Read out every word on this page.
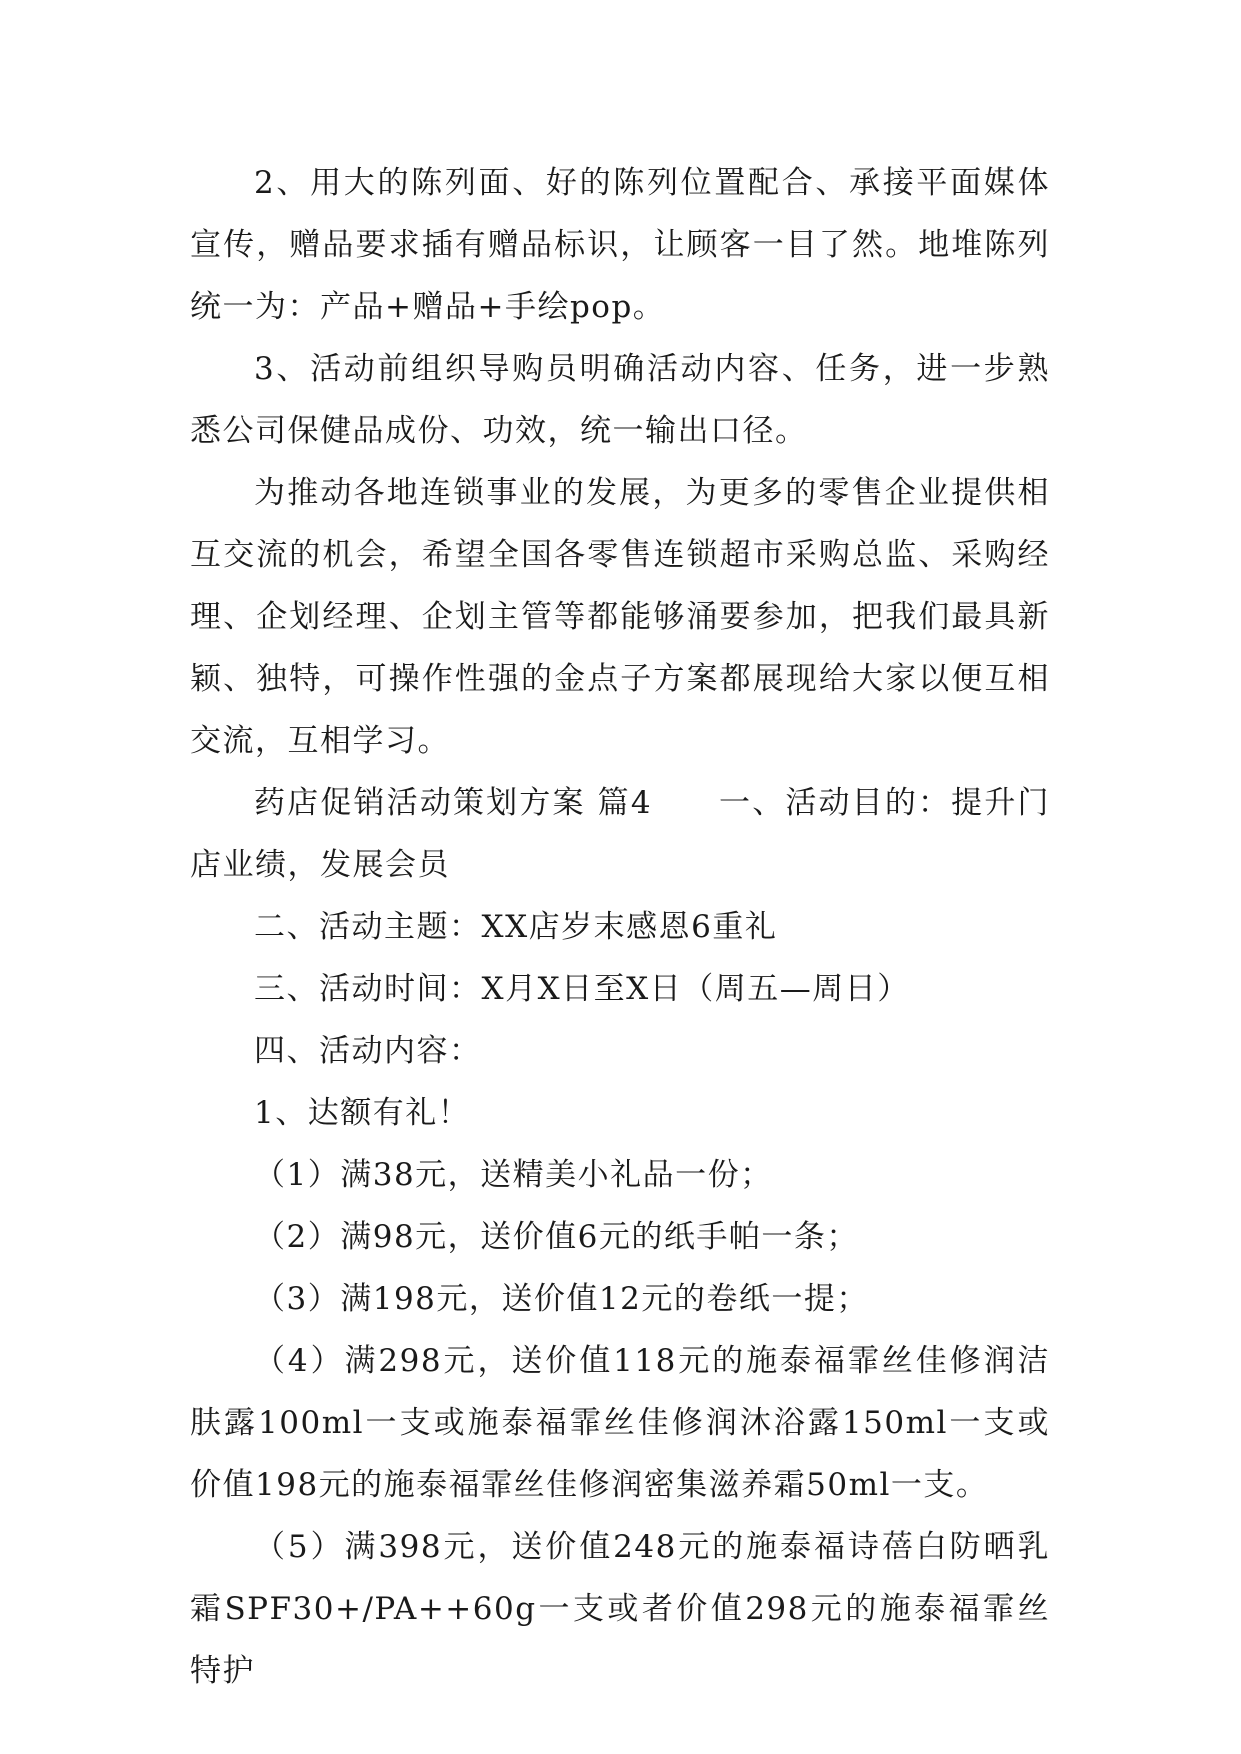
2、用大的陈列面、好的陈列位置配合、承接平面媒体宣传，赠品要求插有赠品标识，让顾客一目了然。地堆陈列统一为：产品+赠品+手绘pop。

3、活动前组织导购员明确活动内容、任务，进一步熟悉公司保健品成份、功效，统一输出口径。

为推动各地连锁事业的发展，为更多的零售企业提供相互交流的机会，希望全国各零售连锁超市采购总监、采购经理、企划经理、企划主管等都能够涌要参加，把我们最具新颖、独特，可操作性强的金点子方案都展现给大家以便互相交流，互相学习。

药店促销活动策划方案 篇4　　一、活动目的：提升门店业绩，发展会员

二、活动主题：XX店岁末感恩6重礼

三、活动时间：X月X日至X日（周五—周日）

四、活动内容：

1、达额有礼！

（1）满38元，送精美小礼品一份；

（2）满98元，送价值6元的纸手帕一条；

（3）满198元，送价值12元的卷纸一提；

（4）满298元，送价值118元的施泰福霏丝佳修润洁肤露100ml一支或施泰福霏丝佳修润沐浴露150ml一支或价值198元的施泰福霏丝佳修润密集滋养霜50ml一支。

（5）满398元，送价值248元的施泰福诗蓓白防晒乳霜SPF30+/PA++60g一支或者价值298元的施泰福霏丝特护
